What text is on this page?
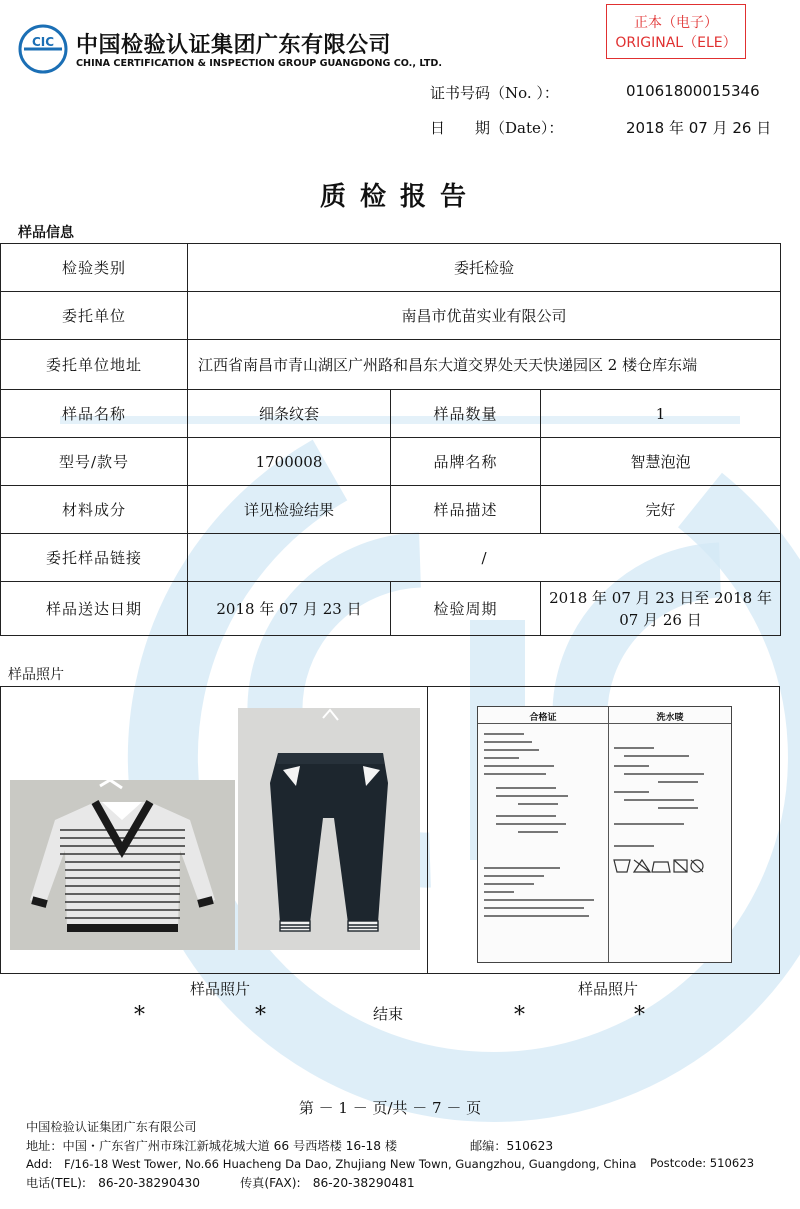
CIC 中国检验认证集团广东有限公司
CHINA CERTIFICATION & INSPECTION GROUP GUANGDONG CO., LTD.
正本（电子）
ORIGINAL（ELE）
证书号码（No. ）：	01061800015346
日　　期（Date）：	2018 年 07 月 26 日
质检报告
样品信息
检验类别	委托检验		
委托单位	南昌市优苗实业有限公司		
委托单位地址	江西省南昌市青山湖区广州路和昌东大道交界处天天快递园区 2 楼仓库东端		
样品名称	细条纹套	样品数量	1
型号/款号	1700008	品牌名称	智慧泡泡
材料成分	详见检验结果	样品描述	完好
委托样品链接	/		
样品送达日期	2018 年 07 月 23 日	检验周期	2018 年 07 月 23 日至 2018 年 07 月 26 日
样品照片
合格证	洗水唛
样品照片	样品照片
*	*	结束	*	*
第 － 1 － 页/共 － 7 － 页
中国检验认证集团广东有限公司
地址：中国・广东省广州市珠江新城花城大道 66 号西塔楼 16-18 楼	邮编：510623
Add:　F/16-18 West Tower, No.66 Huacheng Da Dao, Zhujiang New Town, Guangzhou, Guangdong, China Postcode: 510623
电话(TEL):　86-20-38290430	传真(FAX):　86-20-38290481
